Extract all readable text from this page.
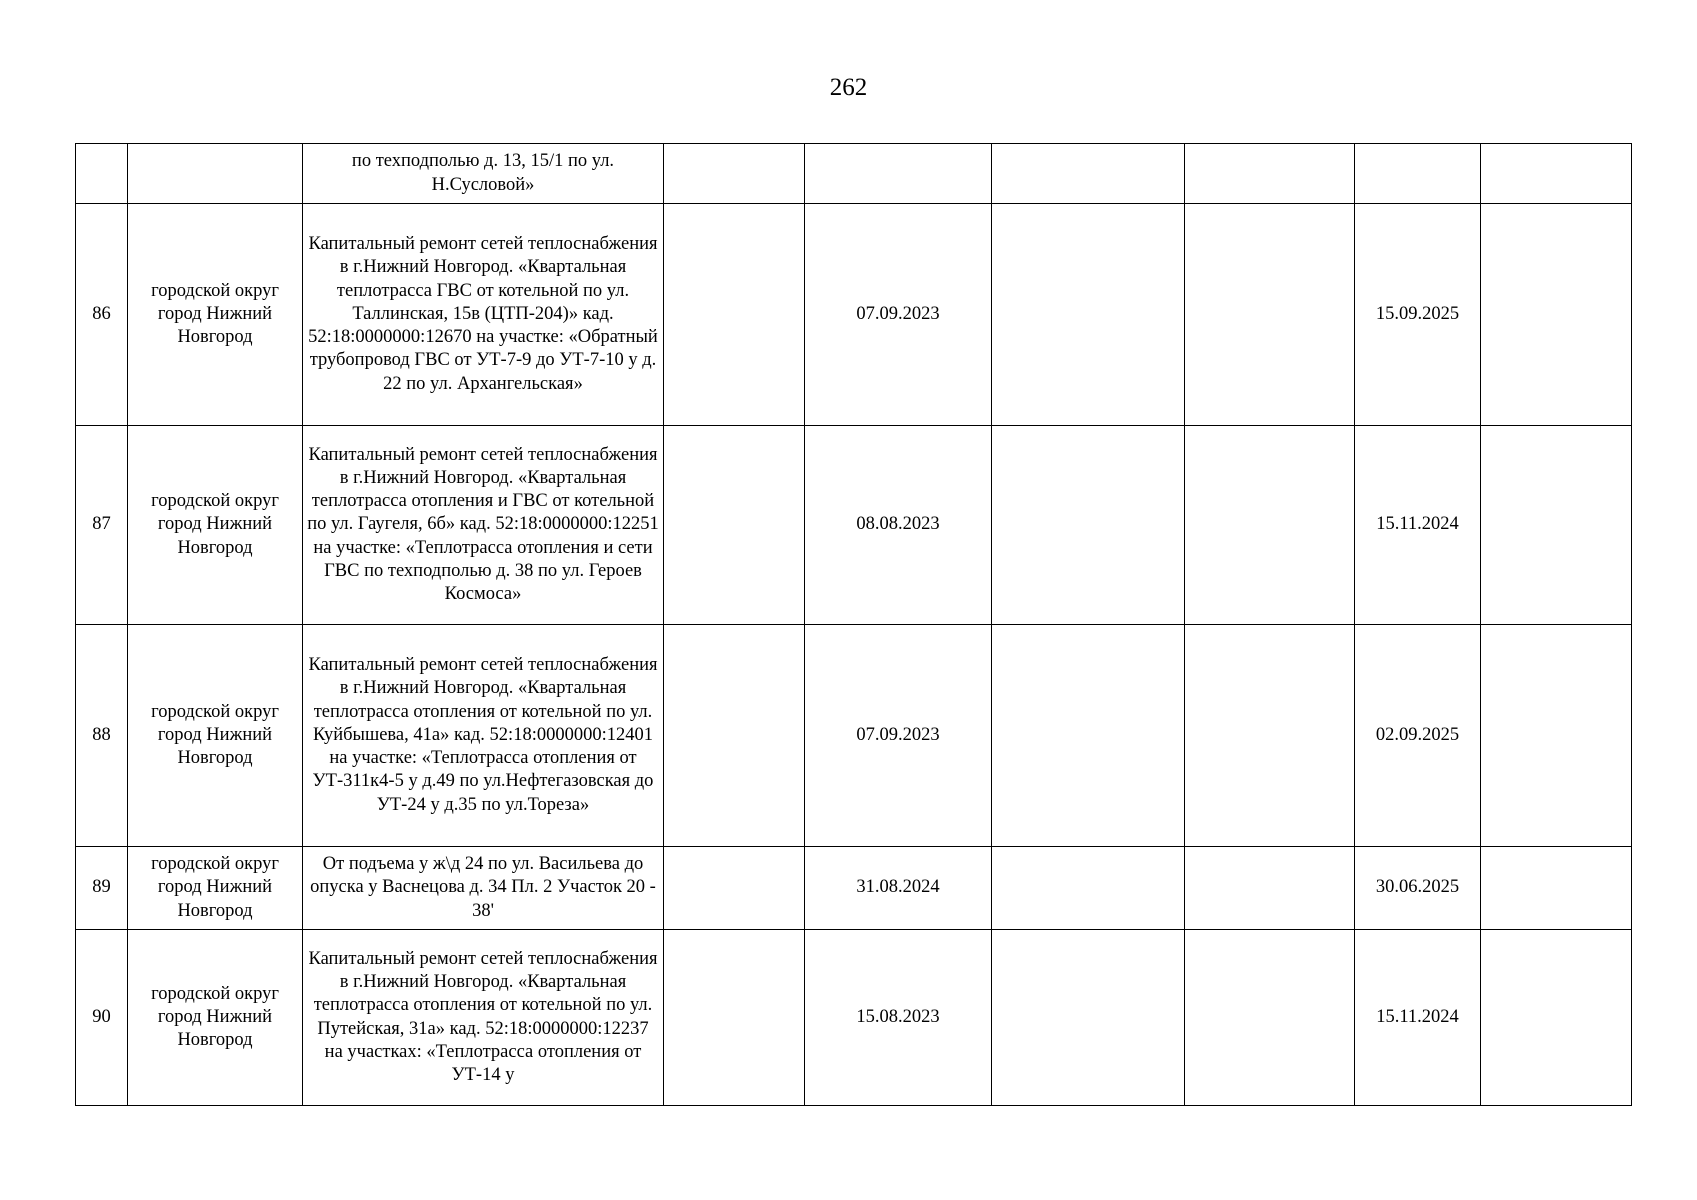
262
		по техподполью д. 13, 15/1 по ул. Н.Сусловой»						
86	городской округ город Нижний Новгород	Капитальный ремонт сетей теплоснабжения в г.Нижний Новгород. «Квартальная теплотрасса ГВС от котельной по ул. Таллинская, 15в (ЦТП-204)» кад. 52:18:0000000:12670 на участке: «Обратный трубопровод ГВС от УТ-7-9 до УТ-7-10 у д. 22 по ул. Архангельская»		07.09.2023			15.09.2025	
87	городской округ город Нижний Новгород	Капитальный ремонт сетей теплоснабжения в г.Нижний Новгород. «Квартальная теплотрасса отопления и ГВС от котельной по ул. Гаугеля, 6б» кад. 52:18:0000000:12251 на участке: «Теплотрасса отопления и сети ГВС по техподполью д. 38 по ул. Героев Космоса»		08.08.2023			15.11.2024	
88	городской округ город Нижний Новгород	Капитальный ремонт сетей теплоснабжения в г.Нижний Новгород. «Квартальная теплотрасса отопления от котельной по ул. Куйбышева, 41а» кад. 52:18:0000000:12401 на участке: «Теплотрасса отопления от УТ-311к4-5 у д.49 по ул.Нефтегазовская до УТ-24 у д.35 по ул.Тореза»		07.09.2023			02.09.2025	
89	городской округ город Нижний Новгород	От подъема у ж\д 24 по ул. Васильева до опуска у Васнецова д. 34 Пл. 2 Участок 20 - 38'		31.08.2024			30.06.2025	
90	городской округ город Нижний Новгород	Капитальный ремонт сетей теплоснабжения в г.Нижний Новгород. «Квартальная теплотрасса отопления от котельной по ул. Путейская, 31а» кад. 52:18:0000000:12237 на участках: «Теплотрасса отопления от УТ-14 у		15.08.2023			15.11.2024	
